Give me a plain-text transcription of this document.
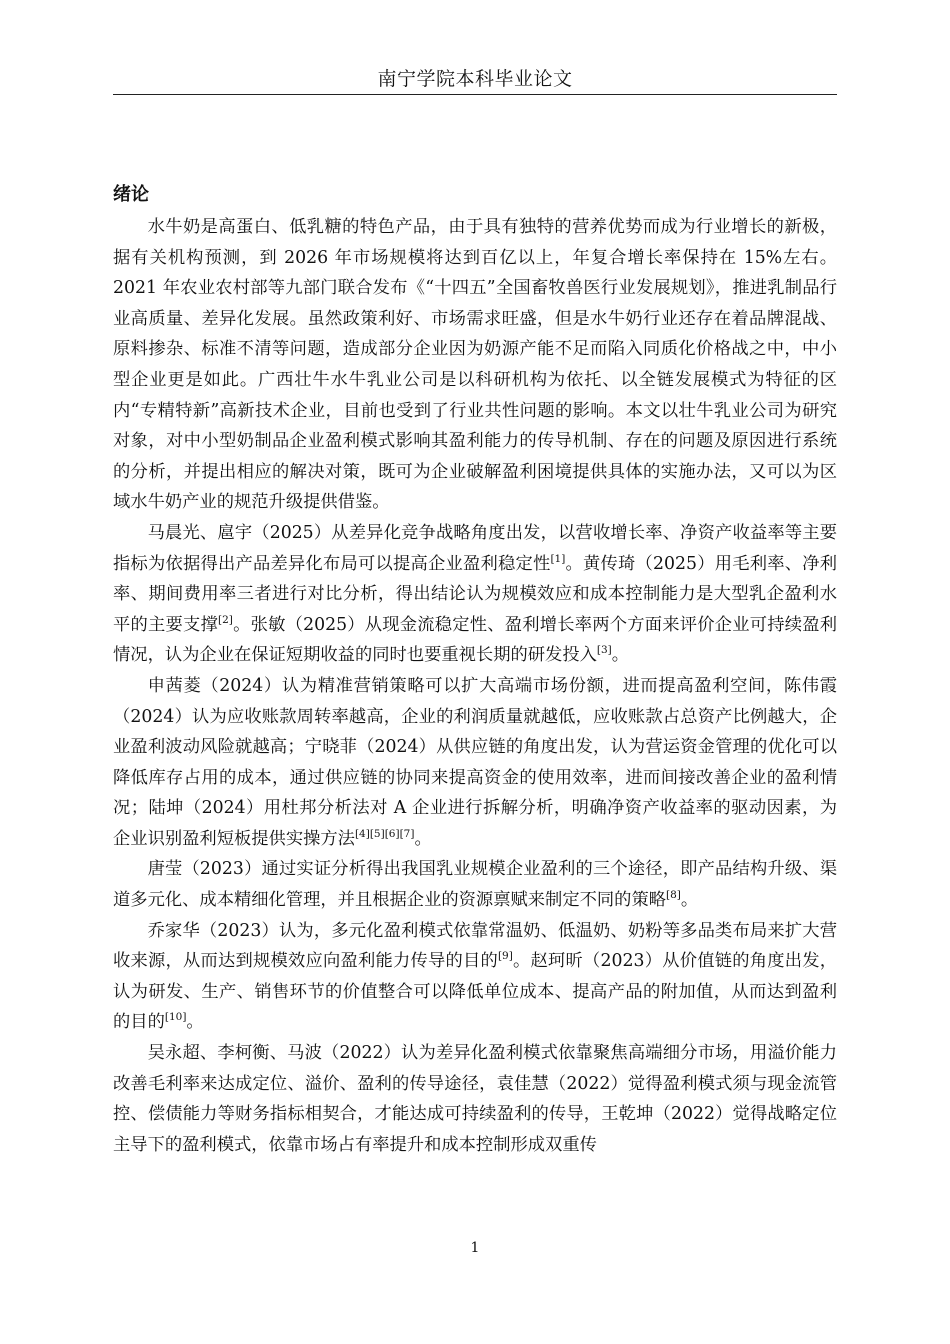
南宁学院本科毕业论文

绪论

水牛奶是高蛋白、低乳糖的特色产品，由于具有独特的营养优势而成为行业增长的新极，据有关机构预测，到 2026 年市场规模将达到百亿以上，年复合增长率保持在 15%左右。2021 年农业农村部等九部门联合发布《“十四五”全国畜牧兽医行业发展规划》，推进乳制品行业高质量、差异化发展。虽然政策利好、市场需求旺盛，但是水牛奶行业还存在着品牌混战、原料掺杂、标准不清等问题，造成部分企业因为奶源产能不足而陷入同质化价格战之中，中小型企业更是如此。广西壮牛水牛乳业公司是以科研机构为依托、以全链发展模式为特征的区内“专精特新”高新技术企业，目前也受到了行业共性问题的影响。本文以壮牛乳业公司为研究对象，对中小型奶制品企业盈利模式影响其盈利能力的传导机制、存在的问题及原因进行系统的分析，并提出相应的解决对策，既可为企业破解盈利困境提供具体的实施办法，又可以为区域水牛奶产业的规范升级提供借鉴。

马晨光、扈宇（2025）从差异化竞争战略角度出发，以营收增长率、净资产收益率等主要指标为依据得出产品差异化布局可以提高企业盈利稳定性[1]。黄传琦（2025）用毛利率、净利率、期间费用率三者进行对比分析，得出结论认为规模效应和成本控制能力是大型乳企盈利水平的主要支撑[2]。张敏（2025）从现金流稳定性、盈利增长率两个方面来评价企业可持续盈利情况，认为企业在保证短期收益的同时也要重视长期的研发投入[3]。

申茜菱（2024）认为精准营销策略可以扩大高端市场份额，进而提高盈利空间，陈伟霞（2024）认为应收账款周转率越高，企业的利润质量就越低，应收账款占总资产比例越大，企业盈利波动风险就越高；宁晓菲（2024）从供应链的角度出发，认为营运资金管理的优化可以降低库存占用的成本，通过供应链的协同来提高资金的使用效率，进而间接改善企业的盈利情况；陆坤（2024）用杜邦分析法对 A 企业进行拆解分析，明确净资产收益率的驱动因素，为企业识别盈利短板提供实操方法[4][5][6][7]。

唐莹（2023）通过实证分析得出我国乳业规模企业盈利的三个途径，即产品结构升级、渠道多元化、成本精细化管理，并且根据企业的资源禀赋来制定不同的策略[8]。

乔家华（2023）认为，多元化盈利模式依靠常温奶、低温奶、奶粉等多品类布局来扩大营收来源，从而达到规模效应向盈利能力传导的目的[9]。赵珂昕（2023）从价值链的角度出发，认为研发、生产、销售环节的价值整合可以降低单位成本、提高产品的附加值，从而达到盈利的目的[10]。

吴永超、李柯衡、马波（2022）认为差异化盈利模式依靠聚焦高端细分市场，用溢价能力改善毛利率来达成定位、溢价、盈利的传导途径，袁佳慧（2022）觉得盈利模式须与现金流管控、偿债能力等财务指标相契合，才能达成可持续盈利的传导，王乾坤（2022）觉得战略定位主导下的盈利模式，依靠市场占有率提升和成本控制形成双重传

1
